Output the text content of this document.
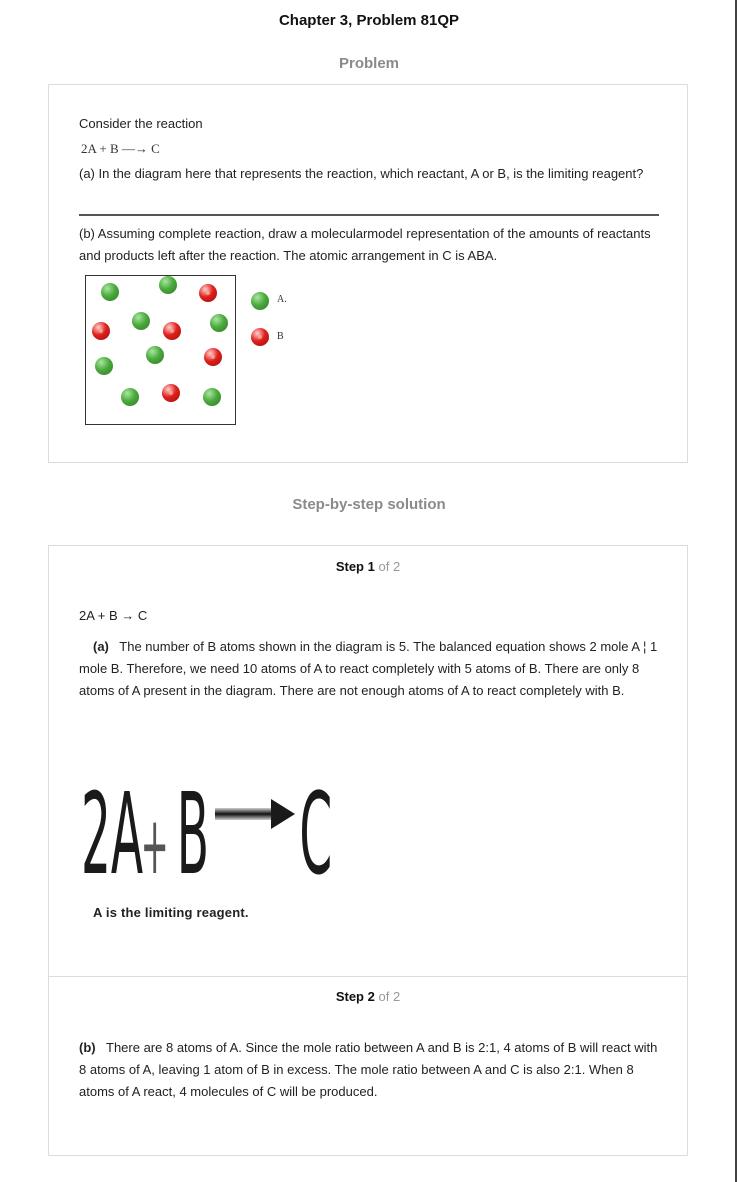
Chapter 3, Problem 81QP
Problem
Consider the reaction
2A + B —→ C
(a) In the diagram here that represents the reaction, which reactant, A or B, is the limiting reagent?
(b) Assuming complete reaction, draw a molecularmodel representation of the amounts of reactants and products left after the reaction. The atomic arrangement in C is ABA.
A.
B
Step-by-step solution
Step 1 of 2
2A + B → C
(a) The number of B atoms shown in the diagram is 5. The balanced equation shows 2 mole A ¦ 1 mole B. Therefore, we need 10 atoms of A to react completely with 5 atoms of B. There are only 8 atoms of A present in the diagram. There are not enough atoms of A to react completely with B.
2A
+ B C
A is the limiting reagent.
Step 2 of 2
(b) There are 8 atoms of A. Since the mole ratio between A and B is 2:1, 4 atoms of B will react with 8 atoms of A, leaving 1 atom of B in excess. The mole ratio between A and C is also 2:1. When 8 atoms of A react, 4 molecules of C will be produced.
